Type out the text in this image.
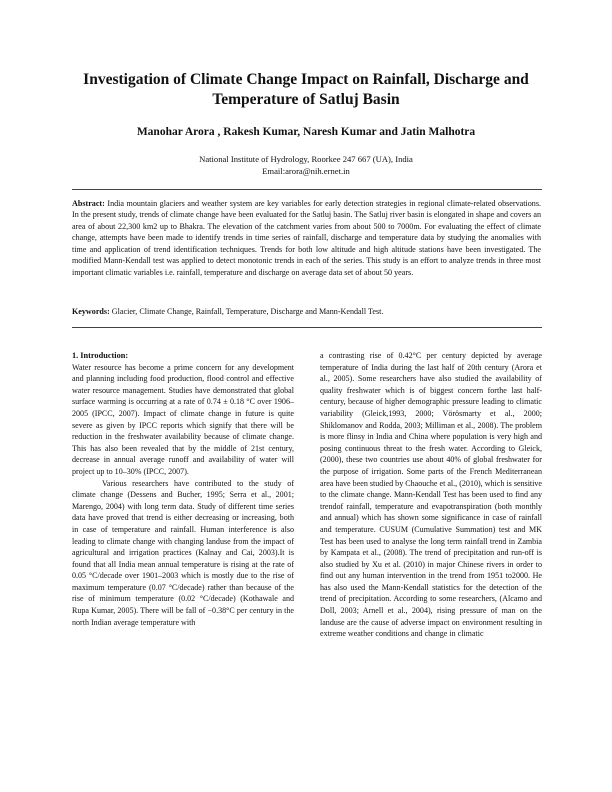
Investigation of Climate Change Impact on Rainfall, Discharge and Temperature of Satluj Basin
Manohar Arora , Rakesh Kumar, Naresh Kumar and Jatin Malhotra
National Institute of Hydrology, Roorkee 247 667 (UA), India
Email:arora@nih.ernet.in

Abstract: India mountain glaciers and weather system are key variables for early detection strategies in regional climate-related observations. In the present study, trends of climate change have been evaluated for the Satluj basin. The Satluj river basin is elongated in shape and covers an area of about 22,300 km2 up to Bhakra. The elevation of the catchment varies from about 500 to 7000m. For evaluating the effect of climate change, attempts have been made to identify trends in time series of rainfall, discharge and temperature data by studying the anomalies with time and application of trend identification techniques. Trends for both low altitude and high altitude stations have been investigated. The modified Mann-Kendall test was applied to detect monotonic trends in each of the series. This study is an effort to analyze trends in three most important climatic variables i.e. rainfall, temperature and discharge on average data set of about 50 years.

Keywords: Glacier, Climate Change, Rainfall, Temperature, Discharge and Mann-Kendall Test.

1. Introduction:

Water resource has become a prime concern for any development and planning including food production, flood control and effective water resource management. Studies have demonstrated that global surface warming is occurring at a rate of 0.74 ± 0.18 °C over 1906–2005 (IPCC, 2007). Impact of climate change in future is quite severe as given by IPCC reports which signify that there will be reduction in the freshwater availability because of climate change. This has also been revealed that by the middle of 21st century, decrease in annual average runoff and availability of water will project up to 10–30% (IPCC, 2007).

Various researchers have contributed to the study of climate change (Dessens and Bucher, 1995; Serra et al., 2001; Marengo, 2004) with long term data. Study of different time series data have proved that trend is either decreasing or increasing, both in case of temperature and rainfall. Human interference is also leading to climate change with changing landuse from the impact of agricultural and irrigation practices (Kalnay and Cai, 2003).It is found that all India mean annual temperature is rising at the rate of 0.05 °C/decade over 1901–2003 which is mostly due to the rise of maximum temperature (0.07 °C/decade) rather than because of the rise of minimum temperature (0.02 °C/decade) (Kothawale and Rupa Kumar, 2005). There will be fall of −0.38°C per century in the north Indian average temperature with

a contrasting rise of 0.42°C per century depicted by average temperature of India during the last half of 20th century (Arora et al., 2005). Some researchers have also studied the availability of quality freshwater which is of biggest concern forthe last half-century, because of higher demographic pressure leading to climatic variability (Gleick,1993, 2000; Vörösmarty et al., 2000; Shiklomanov and Rodda, 2003; Milliman et al., 2008). The problem is more flinsy in India and China where population is very high and posing continuous threat to the fresh water. According to Gleick, (2000), these two countries use about 40% of global freshwater for the purpose of irrigation. Some parts of the French Mediterranean area have been studied by Chaouche et al., (2010), which is sensitive to the climate change. Mann-Kendall Test has been used to find any trendof rainfall, temperature and evapotranspiration (both monthly and annual) which has shown some significance in case of rainfall and temperature. CUSUM (Cumulative Summation) test and MK Test has been used to analyse the long term rainfall trend in Zambia by Kampata et al., (2008). The trend of precipitation and run-off is also studied by Xu et al. (2010) in major Chinese rivers in order to find out any human intervention in the trend from 1951 to2000. He has also used the Mann-Kendall statistics for the detection of the trend of precipitation. According to some researchers, (Alcamo and Doll, 2003; Arnell et al., 2004), rising pressure of man on the landuse are the cause of adverse impact on environment resulting in extreme weather conditions and change in climatic
